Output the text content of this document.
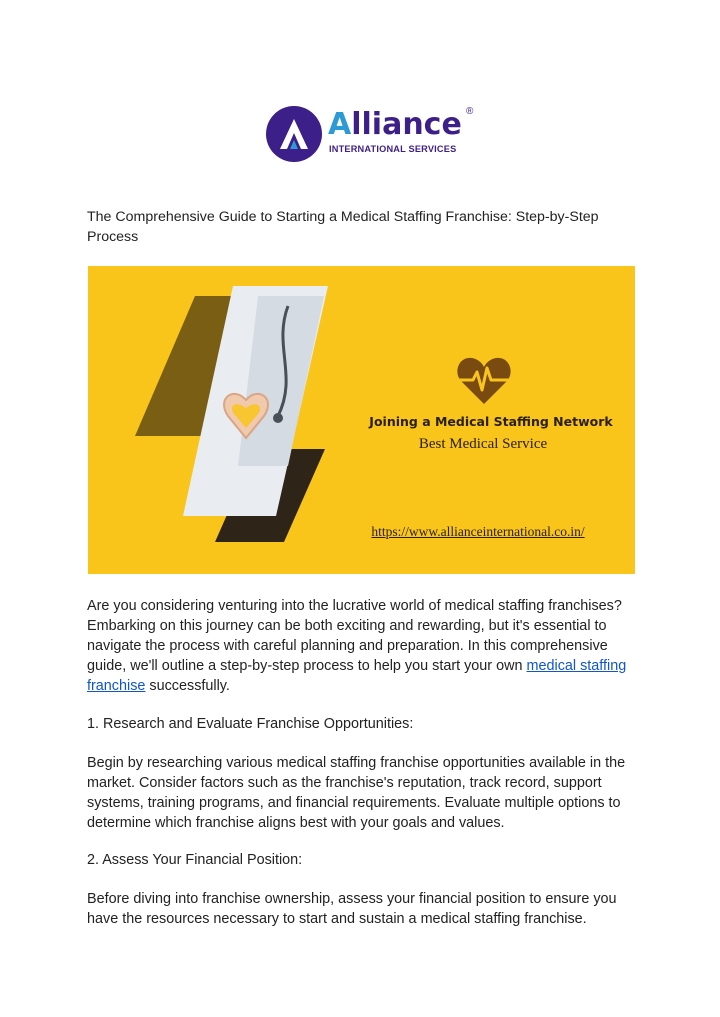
Alliance ®
INTERNATIONAL SERVICES
The Comprehensive Guide to Starting a Medical Staffing Franchise: Step-by-Step Process
Joining a Medical Staffing Network
Best Medical Service
https://www.allianceinternational.co.in/
Are you considering venturing into the lucrative world of medical staffing franchises? Embarking on this journey can be both exciting and rewarding, but it's essential to navigate the process with careful planning and preparation. In this comprehensive guide, we'll outline a step-by-step process to help you start your own medical staffing franchise successfully.
1. Research and Evaluate Franchise Opportunities:
Begin by researching various medical staffing franchise opportunities available in the market. Consider factors such as the franchise's reputation, track record, support systems, training programs, and financial requirements. Evaluate multiple options to determine which franchise aligns best with your goals and values.
2. Assess Your Financial Position:
Before diving into franchise ownership, assess your financial position to ensure you have the resources necessary to start and sustain a medical staffing franchise.
